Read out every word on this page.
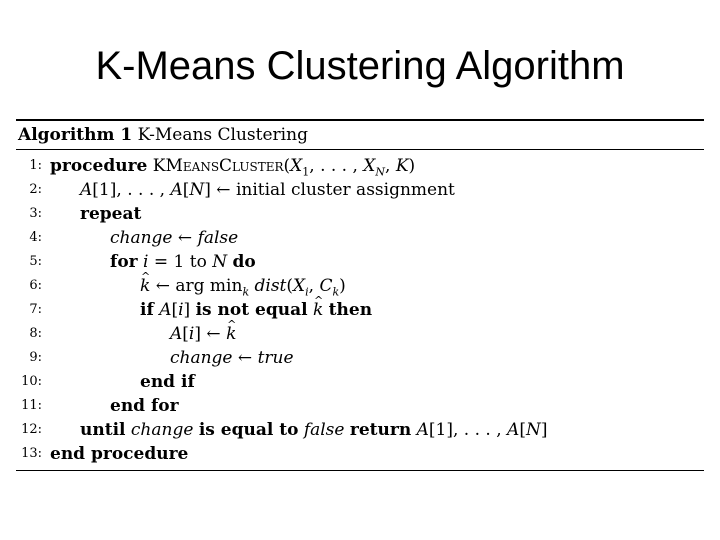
K-Means Clustering Algorithm
Algorithm 1 K-Means Clustering
1: procedure $KMeansCluster(X_1$, . . . , $X_N$, K)
2: A[1], . . . , A[N] ← initial cluster assignment
3: repeat
4:	change ← false
5:	for i = 1 to N do
6:	^ k ← arg $\min_k$ $dist(X_i$, $C_k$)
7:	if A[i] is not equal ^ k then
8:	A[i] ← ^ k
9:	change ← true
10:	end if
11:	end for
12: until change is equal to false return A[1], . . . , A[N]
13: end procedure
